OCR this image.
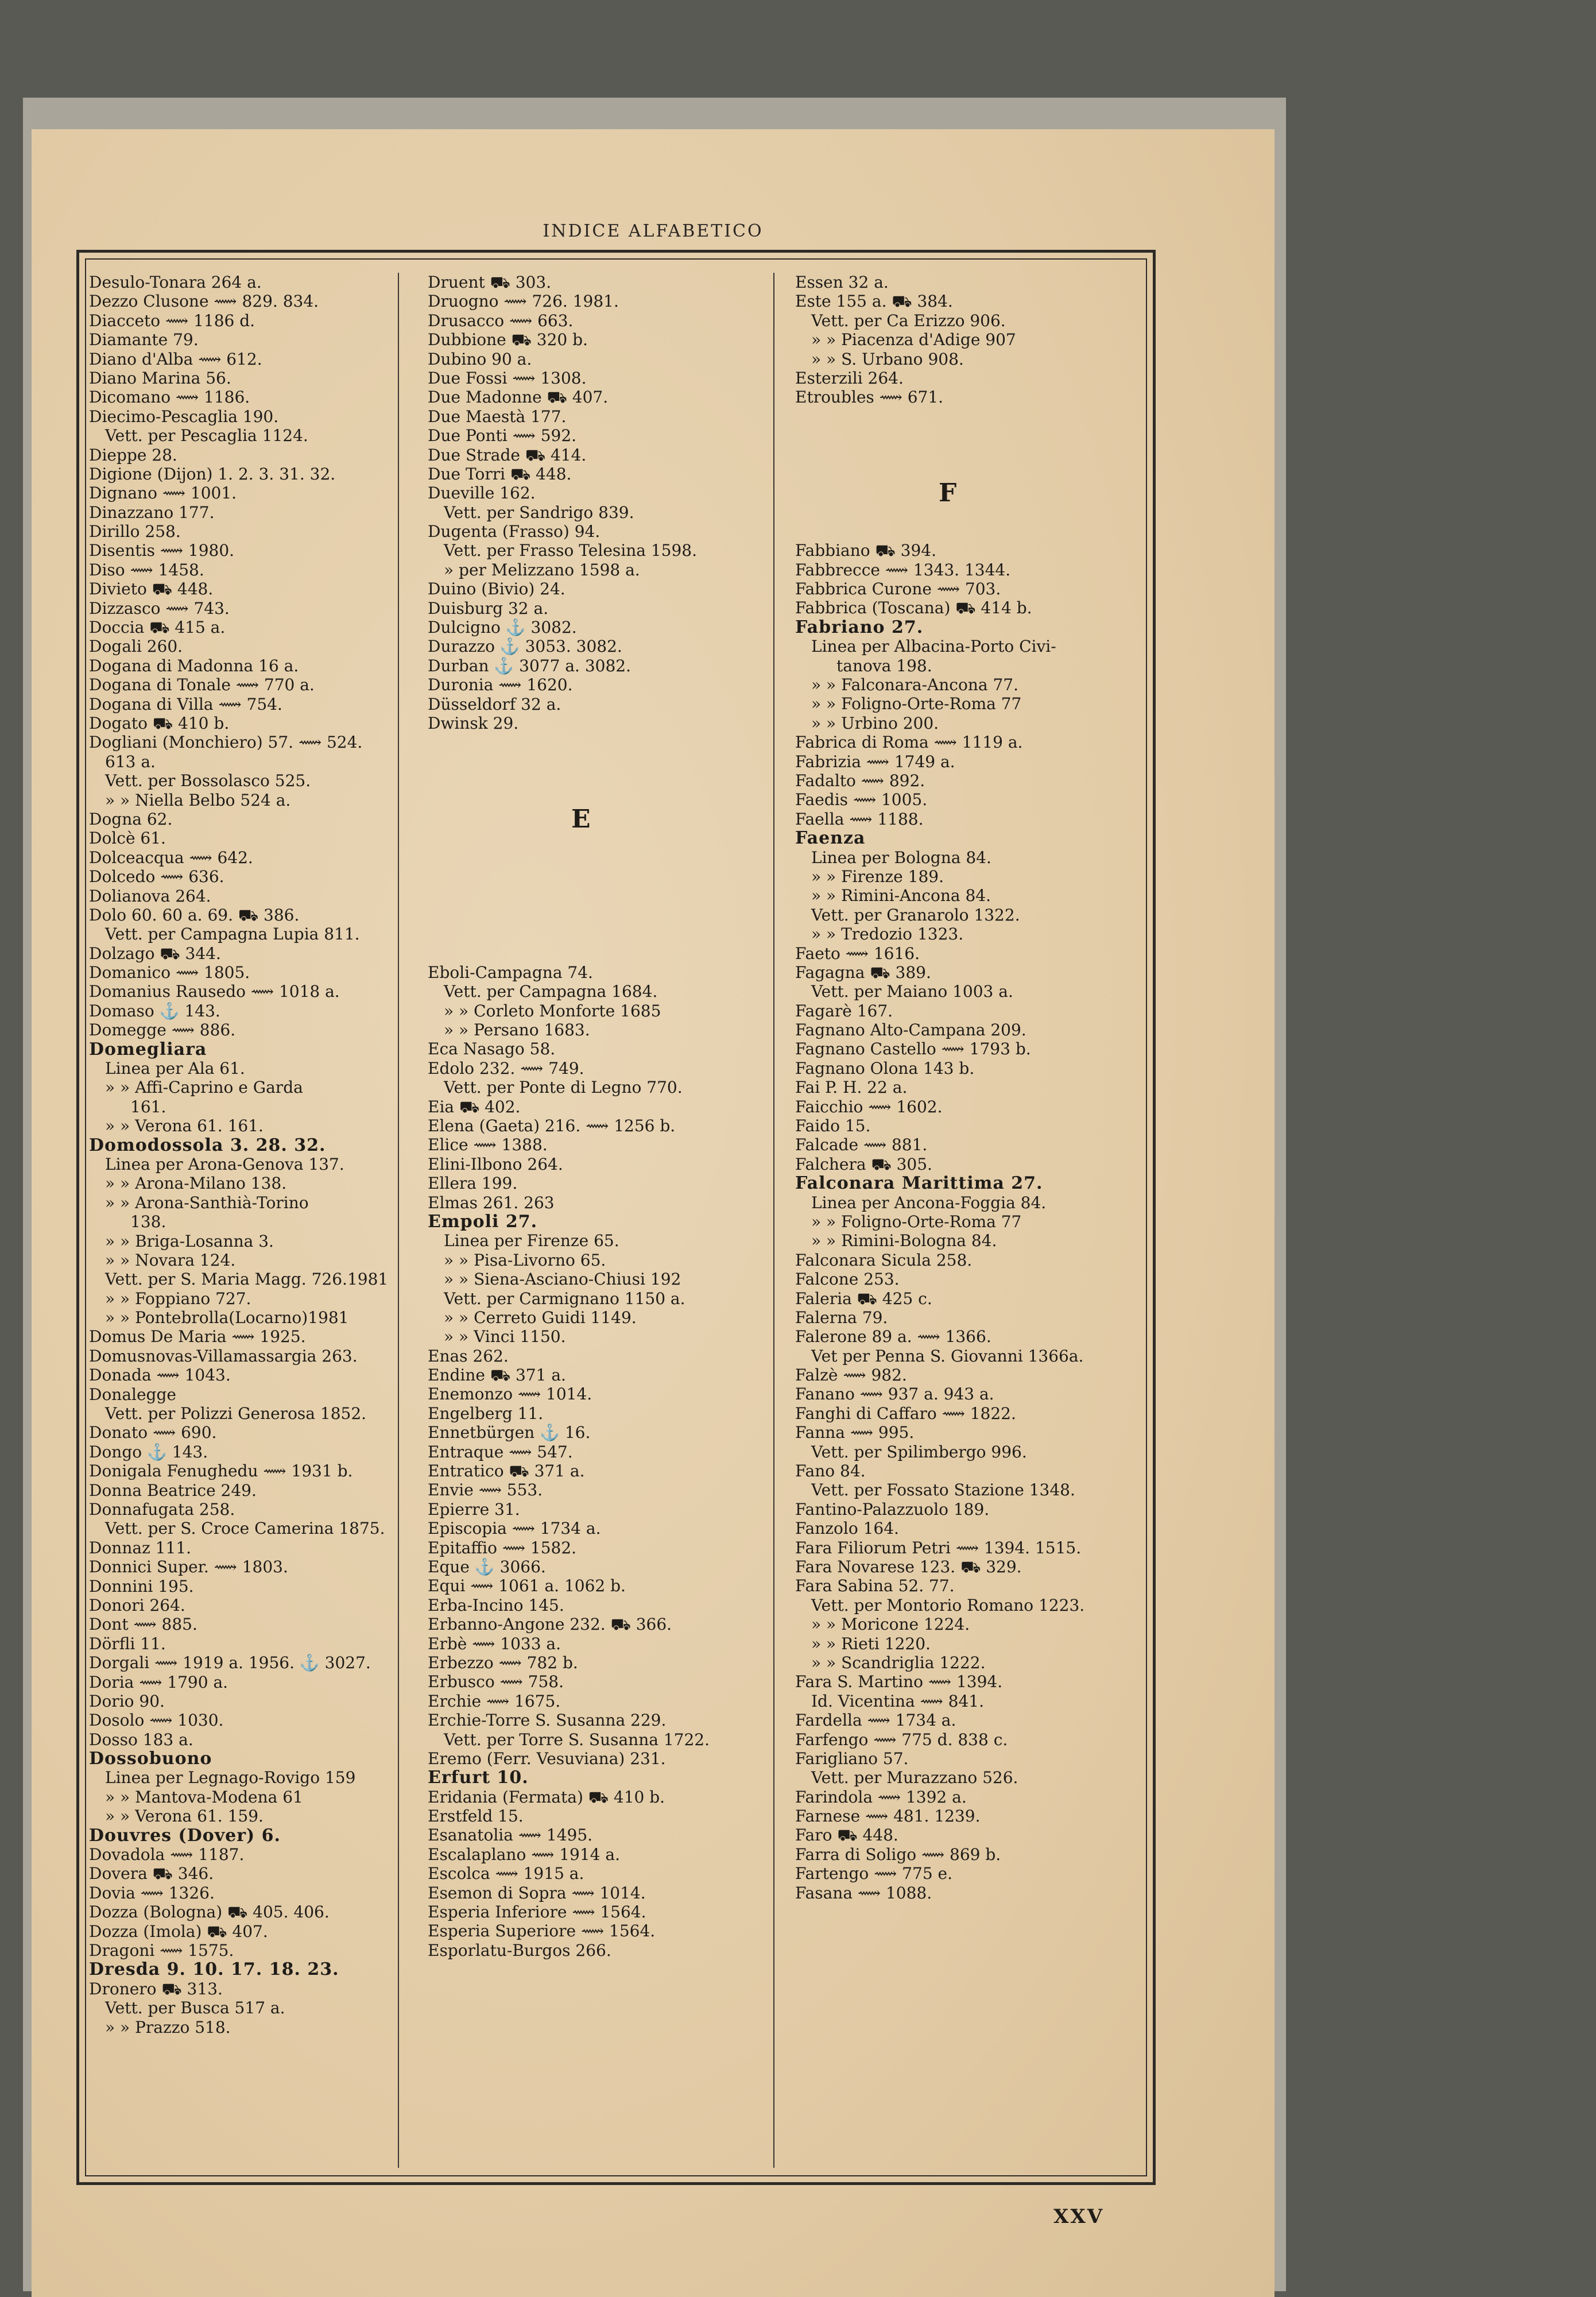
INDICE ALFABETICO
Desulo-Tonara 264 a.
Dezzo Clusone ⟿ 829. 834.
Diacceto ⟿ 1186 d.
Diamante 79.
Diano d'Alba ⟿ 612.
Diano Marina 56.
Dicomano ⟿ 1186.
Diecimo-Pescaglia 190.
Vett. per Pescaglia 1124.
Dieppe 28.
Digione (Dijon) 1. 2. 3. 31. 32.
Dignano ⟿ 1001.
Dinazzano 177.
Dirillo 258.
Disentis ⟿ 1980.
Diso ⟿ 1458.
Divieto ⛟ 448.
Dizzasco ⟿ 743.
Doccia ⛟ 415 a.
Dogali 260.
Dogana di Madonna 16 a.
Dogana di Tonale ⟿ 770 a.
Dogana di Villa ⟿ 754.
Dogato ⛟ 410 b.
Dogliani (Monchiero) 57. ⟿ 524.
613 a.
Vett. per Bossolasco 525.
» » Niella Belbo 524 a.
Dogna 62.
Dolcè 61.
Dolceacqua ⟿ 642.
Dolcedo ⟿ 636.
Dolianova 264.
Dolo 60. 60 a. 69. ⛟ 386.
Vett. per Campagna Lupia 811.
Dolzago ⛟ 344.
Domanico ⟿ 1805.
Domanius Rausedo ⟿ 1018 a.
Domaso ⚓ 143.
Domegge ⟿ 886.
Domegliara
Linea per Ala 61.
» » Affi-Caprino e Garda
161.
» » Verona 61. 161.
Domodossola 3. 28. 32.
Linea per Arona-Genova 137.
» » Arona-Milano 138.
» » Arona-Santhià-Torino
138.
» » Briga-Losanna 3.
» » Novara 124.
Vett. per S. Maria Magg. 726.1981
» » Foppiano 727.
» » Pontebrolla(Locarno)1981
Domus De Maria ⟿ 1925.
Domusnovas-Villamassargia 263.
Donada ⟿ 1043.
Donalegge
Vett. per Polizzi Generosa 1852.
Donato ⟿ 690.
Dongo ⚓ 143.
Donigala Fenughedu ⟿ 1931 b.
Donna Beatrice 249.
Donnafugata 258.
Vett. per S. Croce Camerina 1875.
Donnaz 111.
Donnici Super. ⟿ 1803.
Donnini 195.
Donori 264.
Dont ⟿ 885.
Dörfli 11.
Dorgali ⟿ 1919 a. 1956. ⚓ 3027.
Doria ⟿ 1790 a.
Dorio 90.
Dosolo ⟿ 1030.
Dosso 183 a.
Dossobuono
Linea per Legnago-Rovigo 159
» » Mantova-Modena 61
» » Verona 61. 159.
Douvres (Dover) 6.
Dovadola ⟿ 1187.
Dovera ⛟ 346.
Dovia ⟿ 1326.
Dozza (Bologna) ⛟ 405. 406.
Dozza (Imola) ⛟ 407.
Dragoni ⟿ 1575.
Dresda 9. 10. 17. 18. 23.
Dronero ⛟ 313.
Vett. per Busca 517 a.
» » Prazzo 518.
Druent ⛟ 303.
Druogno ⟿ 726. 1981.
Drusacco ⟿ 663.
Dubbione ⛟ 320 b.
Dubino 90 a.
Due Fossi ⟿ 1308.
Due Madonne ⛟ 407.
Due Maestà 177.
Due Ponti ⟿ 592.
Due Strade ⛟ 414.
Due Torri ⛟ 448.
Dueville 162.
Vett. per Sandrigo 839.
Dugenta (Frasso) 94.
Vett. per Frasso Telesina 1598.
» per Melizzano 1598 a.
Duino (Bivio) 24.
Duisburg 32 a.
Dulcigno ⚓ 3082.
Durazzo ⚓ 3053. 3082.
Durban ⚓ 3077 a. 3082.
Duronia ⟿ 1620.
Düsseldorf 32 a.
Dwinsk 29.
E
Eboli-Campagna 74.
Vett. per Campagna 1684.
» » Corleto Monforte 1685
» » Persano 1683.
Eca Nasago 58.
Edolo 232. ⟿ 749.
Vett. per Ponte di Legno 770.
Eia ⛟ 402.
Elena (Gaeta) 216. ⟿ 1256 b.
Elice ⟿ 1388.
Elini-Ilbono 264.
Ellera 199.
Elmas 261. 263
Empoli 27.
Linea per Firenze 65.
» » Pisa-Livorno 65.
» » Siena-Asciano-Chiusi 192
Vett. per Carmignano 1150 a.
» » Cerreto Guidi 1149.
» » Vinci 1150.
Enas 262.
Endine ⛟ 371 a.
Enemonzo ⟿ 1014.
Engelberg 11.
Ennetbürgen ⚓ 16.
Entraque ⟿ 547.
Entratico ⛟ 371 a.
Envie ⟿ 553.
Epierre 31.
Episcopia ⟿ 1734 a.
Epitaffio ⟿ 1582.
Eque ⚓ 3066.
Equi ⟿ 1061 a. 1062 b.
Erba-Incino 145.
Erbanno-Angone 232. ⛟ 366.
Erbè ⟿ 1033 a.
Erbezzo ⟿ 782 b.
Erbusco ⟿ 758.
Erchie ⟿ 1675.
Erchie-Torre S. Susanna 229.
Vett. per Torre S. Susanna 1722.
Eremo (Ferr. Vesuviana) 231.
Erfurt 10.
Eridania (Fermata) ⛟ 410 b.
Erstfeld 15.
Esanatolia ⟿ 1495.
Escalaplano ⟿ 1914 a.
Escolca ⟿ 1915 a.
Esemon di Sopra ⟿ 1014.
Esperia Inferiore ⟿ 1564.
Esperia Superiore ⟿ 1564.
Esporlatu-Burgos 266.
Essen 32 a.
Este 155 a. ⛟ 384.
Vett. per Ca Erizzo 906.
» » Piacenza d'Adige 907
» » S. Urbano 908.
Esterzili 264.
Etroubles ⟿ 671.
F
Fabbiano ⛟ 394.
Fabbrecce ⟿ 1343. 1344.
Fabbrica Curone ⟿ 703.
Fabbrica (Toscana) ⛟ 414 b.
Fabriano 27.
Linea per Albacina-Porto Civi-
tanova 198.
» » Falconara-Ancona 77.
» » Foligno-Orte-Roma 77
» » Urbino 200.
Fabrica di Roma ⟿ 1119 a.
Fabrizia ⟿ 1749 a.
Fadalto ⟿ 892.
Faedis ⟿ 1005.
Faella ⟿ 1188.
Faenza
Linea per Bologna 84.
» » Firenze 189.
» » Rimini-Ancona 84.
Vett. per Granarolo 1322.
» » Tredozio 1323.
Faeto ⟿ 1616.
Fagagna ⛟ 389.
Vett. per Maiano 1003 a.
Fagarè 167.
Fagnano Alto-Campana 209.
Fagnano Castello ⟿ 1793 b.
Fagnano Olona 143 b.
Fai P. H. 22 a.
Faicchio ⟿ 1602.
Faido 15.
Falcade ⟿ 881.
Falchera ⛟ 305.
Falconara Marittima 27.
Linea per Ancona-Foggia 84.
» » Foligno-Orte-Roma 77
» » Rimini-Bologna 84.
Falconara Sicula 258.
Falcone 253.
Faleria ⛟ 425 c.
Falerna 79.
Falerone 89 a. ⟿ 1366.
Vet per Penna S. Giovanni 1366a.
Falzè ⟿ 982.
Fanano ⟿ 937 a. 943 a.
Fanghi di Caffaro ⟿ 1822.
Fanna ⟿ 995.
Vett. per Spilimbergo 996.
Fano 84.
Vett. per Fossato Stazione 1348.
Fantino-Palazzuolo 189.
Fanzolo 164.
Fara Filiorum Petri ⟿ 1394. 1515.
Fara Novarese 123. ⛟ 329.
Fara Sabina 52. 77.
Vett. per Montorio Romano 1223.
» » Moricone 1224.
» » Rieti 1220.
» » Scandriglia 1222.
Fara S. Martino ⟿ 1394.
Id. Vicentina ⟿ 841.
Fardella ⟿ 1734 a.
Farfengo ⟿ 775 d. 838 c.
Farigliano 57.
Vett. per Murazzano 526.
Farindola ⟿ 1392 a.
Farnese ⟿ 481. 1239.
Faro ⛟ 448.
Farra di Soligo ⟿ 869 b.
Fartengo ⟿ 775 e.
Fasana ⟿ 1088.
XXV
